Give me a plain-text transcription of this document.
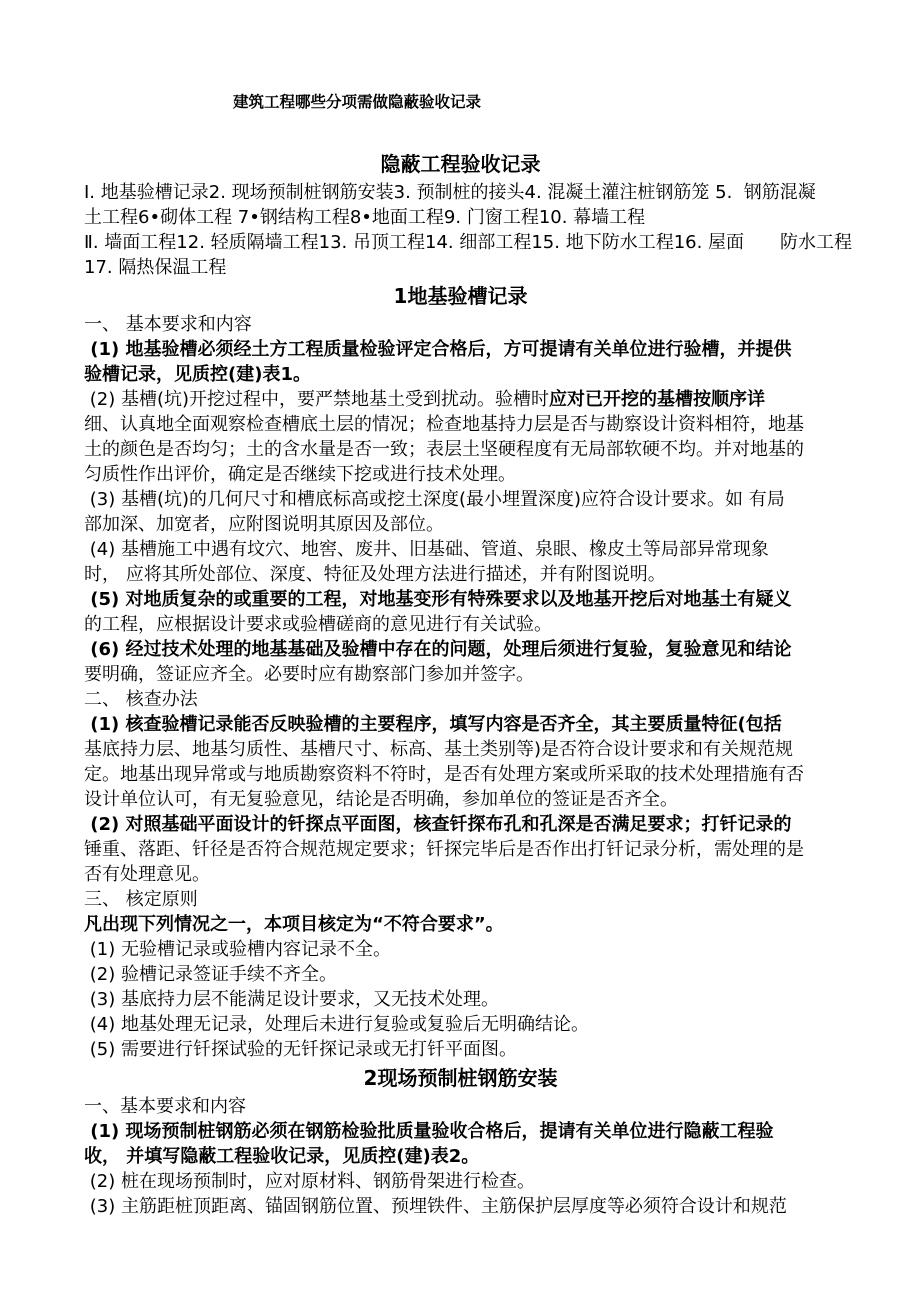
建筑工程哪些分项需做隐蔽验收记录
隐蔽工程验收记录
Ⅰ. 地基验槽记录2. 现场预制桩钢筋安装3. 预制桩的接头4. 混凝土灌注桩钢筋笼 5.  钢筋混凝
土工程6•砌体工程 7•钢结构工程8•地面工程9. 门窗工程10. 幕墙工程
Ⅱ. 墙面工程12. 轻质隔墙工程13. 吊顶工程14. 细部工程15. 地下防水工程16. 屋面　　防水工程
17. 隔热保温工程
1地基验槽记录
一、 基本要求和内容
(1) 地基验槽必须经土方工程质量检验评定合格后，方可提请有关单位进行验槽，并提供
验槽记录，见质控(建)表1。
(2) 基槽(坑)开挖过程中，要严禁地基土受到扰动。验槽时应对已开挖的基槽按顺序详
细、认真地全面观察检查槽底土层的情况；检查地基持力层是否与勘察设计资料相符，地基
土的颜色是否均匀；土的含水量是否一致；表层土坚硬程度有无局部软硬不均。并对地基的
匀质性作出评价，确定是否继续下挖或进行技术处理。
(3) 基槽(坑)的几何尺寸和槽底标高或挖土深度(最小埋置深度)应符合设计要求。如 有局
部加深、加宽者，应附图说明其原因及部位。
(4) 基槽施工中遇有坟穴、地窖、废井、旧基础、管道、泉眼、橡皮土等局部异常现象
时， 应将其所处部位、深度、特征及处理方法进行描述，并有附图说明。
(5) 对地质复杂的或重要的工程，对地基变形有特殊要求以及地基开挖后对地基土有疑义
的工程，应根据设计要求或验槽磋商的意见进行有关试验。
(6) 经过技术处理的地基基础及验槽中存在的问题，处理后须进行复验，复验意见和结论
要明确，签证应齐全。必要时应有勘察部门参加并签字。
二、 核查办法
(1) 核查验槽记录能否反映验槽的主要程序，填写内容是否齐全，其主要质量特征(包括
基底持力层、地基匀质性、基槽尺寸、标高、基土类别等)是否符合设计要求和有关规范规
定。地基出现异常或与地质勘察资料不符时，是否有处理方案或所采取的技术处理措施有否
设计单位认可，有无复验意见，结论是否明确，参加单位的签证是否齐全。
(2) 对照基础平面设计的钎探点平面图，核查钎探布孔和孔深是否满足要求；打钎记录的
锤重、落距、钎径是否符合规范规定要求；钎探完毕后是否作出打钎记录分析，需处理的是
否有处理意见。
三、 核定原则
凡出现下列情况之一，本项目核定为“不符合要求”。
(1) 无验槽记录或验槽内容记录不全。
(2) 验槽记录签证手续不齐全。
(3) 基底持力层不能满足设计要求，又无技术处理。
(4) 地基处理无记录，处理后未进行复验或复验后无明确结论。
(5) 需要进行钎探试验的无钎探记录或无打钎平面图。
2现场预制桩钢筋安装
一、基本要求和内容
(1) 现场预制桩钢筋必须在钢筋检验批质量验收合格后，提请有关单位进行隐蔽工程验
收， 并填写隐蔽工程验收记录，见质控(建)表2。
(2) 桩在现场预制时，应对原材料、钢筋骨架进行检查。
(3) 主筋距桩顶距离、锚固钢筋位置、预埋铁件、主筋保护层厚度等必须符合设计和规范
